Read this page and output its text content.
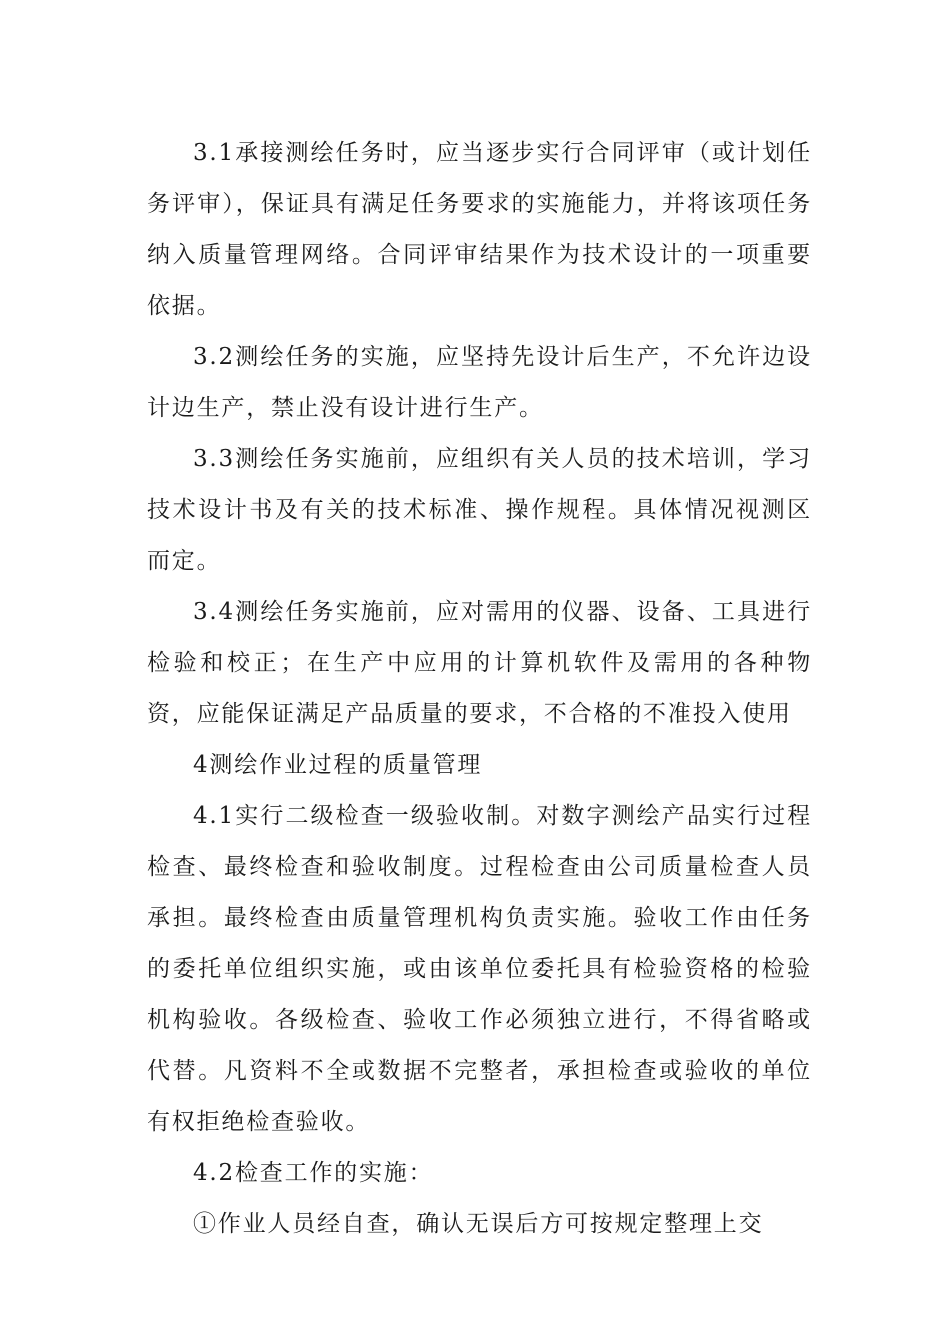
3.1承接测绘任务时，应当逐步实行合同评审（或计划任务评审），保证具有满足任务要求的实施能力，并将该项任务纳入质量管理网络。合同评审结果作为技术设计的一项重要依据。

3.2测绘任务的实施，应坚持先设计后生产，不允许边设计边生产，禁止没有设计进行生产。

3.3测绘任务实施前，应组织有关人员的技术培训，学习技术设计书及有关的技术标准、操作规程。具体情况视测区而定。

3.4测绘任务实施前，应对需用的仪器、设备、工具进行检验和校正；在生产中应用的计算机软件及需用的各种物资，应能保证满足产品质量的要求，不合格的不准投入使用

4测绘作业过程的质量管理

4.1实行二级检查一级验收制。对数字测绘产品实行过程检查、最终检查和验收制度。过程检查由公司质量检查人员承担。最终检查由质量管理机构负责实施。验收工作由任务的委托单位组织实施，或由该单位委托具有检验资格的检验机构验收。各级检查、验收工作必须独立进行，不得省略或代替。凡资料不全或数据不完整者，承担检查或验收的单位有权拒绝检查验收。

4.2检查工作的实施：

①作业人员经自查，确认无误后方可按规定整理上交
